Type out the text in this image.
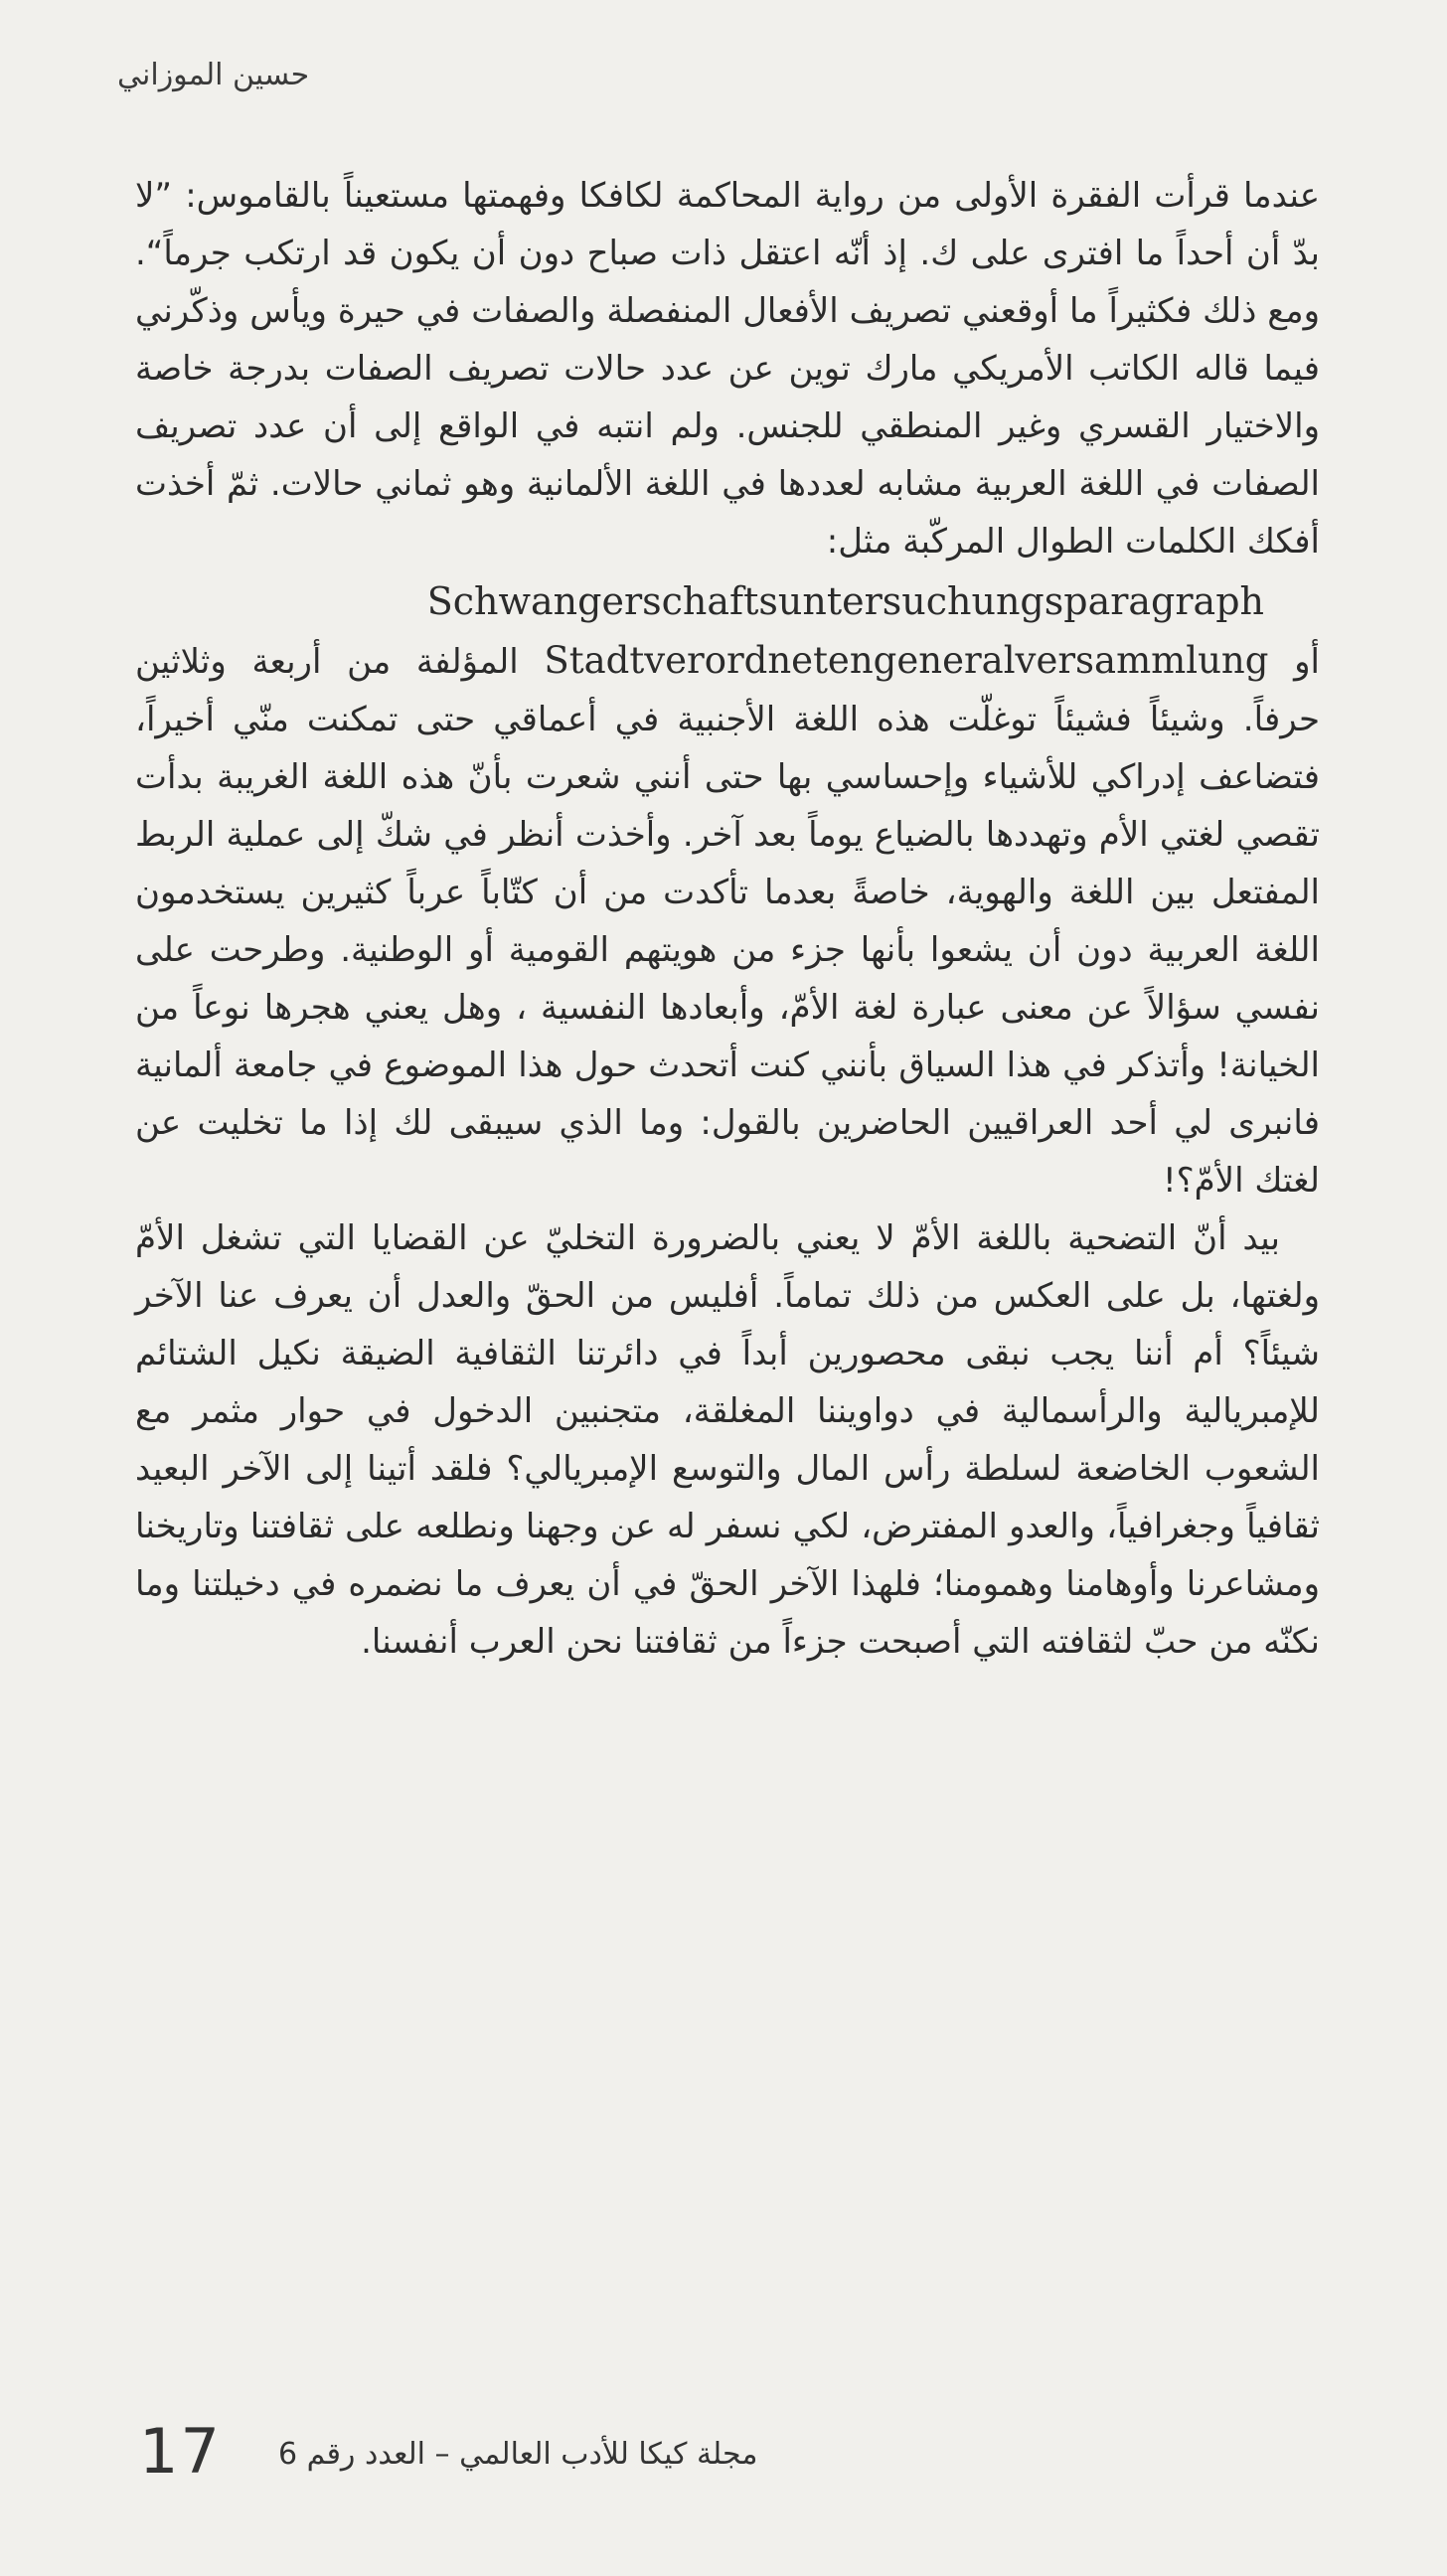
حسين الموزاني

عندما قرأت الفقرة الأولى من رواية المحاكمة لكافكا وفهمتها مستعيناً بالقاموس: ”لا بدّ أن أحداً ما افترى على ك. إذ أنّه اعتقل ذات صباح دون أن يكون قد ارتكب جرماً“. ومع ذلك فكثيراً ما أوقعني تصريف الأفعال المنفصلة والصفات في حيرة ويأس وذكّرني فيما قاله الكاتب الأمريكي مارك توين عن عدد حالات تصريف الصفات بدرجة خاصة والاختيار القسري وغير المنطقي للجنس. ولم انتبه في الواقع إلى أن عدد تصريف الصفات في اللغة العربية مشابه لعددها في اللغة الألمانية وهو ثماني حالات. ثمّ أخذت أفكك الكلمات الطوال المركّبة مثل:

Schwangerschaftsuntersuchungsparagraph

أو Stadtverordnetengeneralversammlung المؤلفة من أربعة وثلاثين حرفاً. وشيئاً فشيئاً توغلّت هذه اللغة الأجنبية في أعماقي حتى تمكنت منّي أخيراً، فتضاعف إدراكي للأشياء وإحساسي بها حتى أنني شعرت بأنّ هذه اللغة الغريبة بدأت تقصي لغتي الأم وتهددها بالضياع يوماً بعد آخر. وأخذت أنظر في شكّ إلى عملية الربط المفتعل بين اللغة والهوية، خاصةً بعدما تأكدت من أن كتّاباً عرباً كثيرين يستخدمون اللغة العربية دون أن يشعوا بأنها جزء من هويتهم القومية أو الوطنية. وطرحت على نفسي سؤالاً عن معنى عبارة لغة الأمّ، وأبعادها النفسية ، وهل يعني هجرها نوعاً من الخيانة! وأتذكر في هذا السياق بأنني كنت أتحدث حول هذا الموضوع في جامعة ألمانية فانبرى لي أحد العراقيين الحاضرين بالقول: وما الذي سيبقى لك إذا ما تخليت عن لغتك الأمّ؟!

بيد أنّ التضحية باللغة الأمّ لا يعني بالضرورة التخليّ عن القضايا التي تشغل الأمّ ولغتها، بل على العكس من ذلك تماماً. أفليس من الحقّ والعدل أن يعرف عنا الآخر شيئاً؟ أم أننا يجب نبقى محصورين أبداً في دائرتنا الثقافية الضيقة نكيل الشتائم للإمبريالية والرأسمالية في دواويننا المغلقة، متجنبين الدخول في حوار مثمر مع الشعوب الخاضعة لسلطة رأس المال والتوسع الإمبريالي؟ فلقد أتينا إلى الآخر البعيد ثقافياً وجغرافياً، والعدو المفترض، لكي نسفر له عن وجهنا ونطلعه على ثقافتنا وتاريخنا ومشاعرنا وأوهامنا وهمومنا؛ فلهذا الآخر الحقّ في أن يعرف ما نضمره في دخيلتنا وما نكنّه من حبّ لثقافته التي أصبحت جزءاً من ثقافتنا نحن العرب أنفسنا.

17 مجلة كيكا للأدب العالمي – العدد رقم 6
